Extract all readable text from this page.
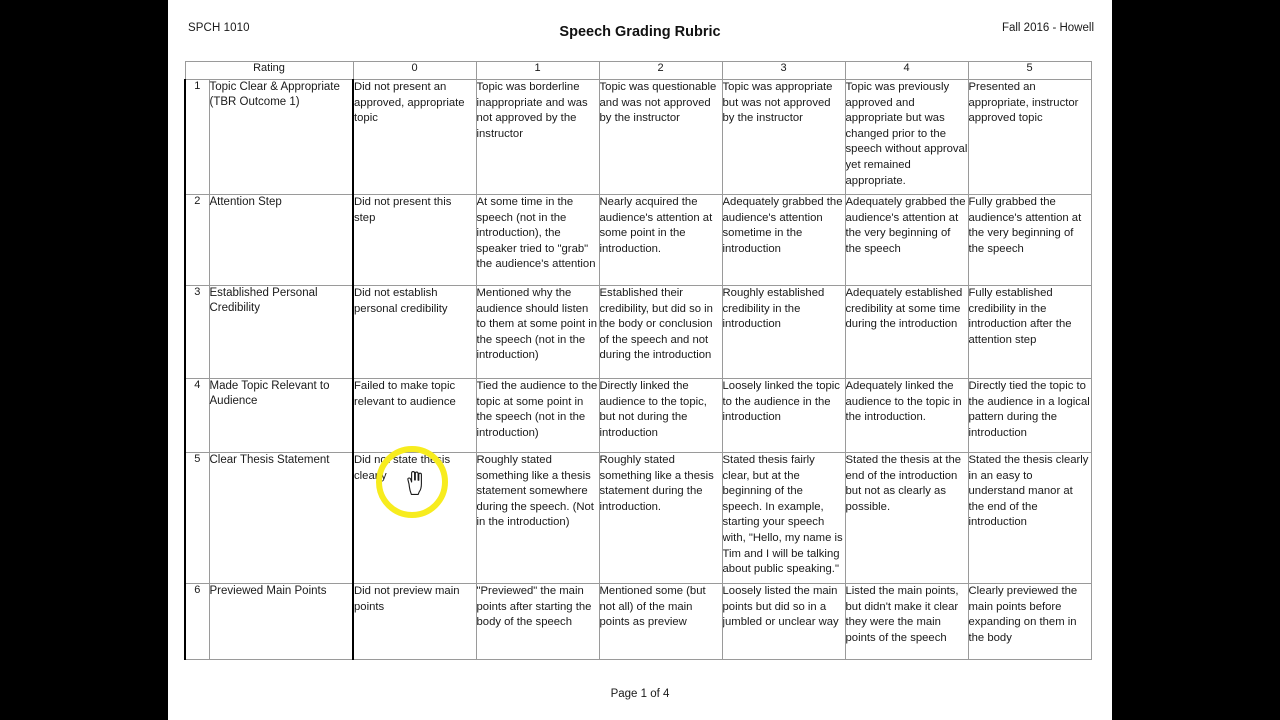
SPCH 1010	Speech Grading Rubric	Fall 2016 - Howell
Rating		0	1	2	3	4	5
1	Topic Clear & Appropriate (TBR Outcome 1)	Did not present an approved, appropriate topic	Topic was borderline inappropriate and was not approved by the instructor	Topic was questionable and was not approved by the instructor	Topic was appropriate but was not approved by the instructor	Topic was previously approved and appropriate but was changed prior to the speech without approval yet remained appropriate.	Presented an appropriate, instructor approved topic
2	Attention Step	Did not present this step	At some time in the speech (not in the introduction), the speaker tried to "grab" the audience's attention	Nearly acquired the audience's attention at some point in the introduction.	Adequately grabbed the audience's attention sometime in the introduction	Adequately grabbed the audience's attention at the very beginning of the speech	Fully grabbed the audience's attention at the very beginning of the speech
3	Established Personal Credibility	Did not establish personal credibility	Mentioned why the audience should listen to them at some point in the speech (not in the introduction)	Established their credibility, but did so in the body or conclusion of the speech and not during the introduction	Roughly established credibility in the introduction	Adequately established credibility at some time during the introduction	Fully established credibility in the introduction after the attention step
4	Made Topic Relevant to Audience	Failed to make topic relevant to audience	Tied the audience to the topic at some point in the speech (not in the introduction)	Directly linked the audience to the topic, but not during the introduction	Loosely linked the topic to the audience in the introduction	Adequately linked the audience to the topic in the introduction.	Directly tied the topic to the audience in a logical pattern during the introduction
5	Clear Thesis Statement	Did not state thesis clearly	Roughly stated something like a thesis statement somewhere during the speech. (Not in the introduction)	Roughly stated something like a thesis statement during the introduction.	Stated thesis fairly clear, but at the beginning of the speech. In example, starting your speech with, "Hello, my name is Tim and I will be talking about public speaking."	Stated the thesis at the end of the introduction but not as clearly as possible.	Stated the thesis clearly in an easy to understand manor at the end of the introduction
6	Previewed Main Points	Did not preview main points	"Previewed" the main points after starting the body of the speech	Mentioned some (but not all) of the main points as preview	Loosely listed the main points but did so in a jumbled or unclear way	Listed the main points, but didn't make it clear they were the main points of the speech	Clearly previewed the main points before expanding on them in the body
Page 1 of 4
